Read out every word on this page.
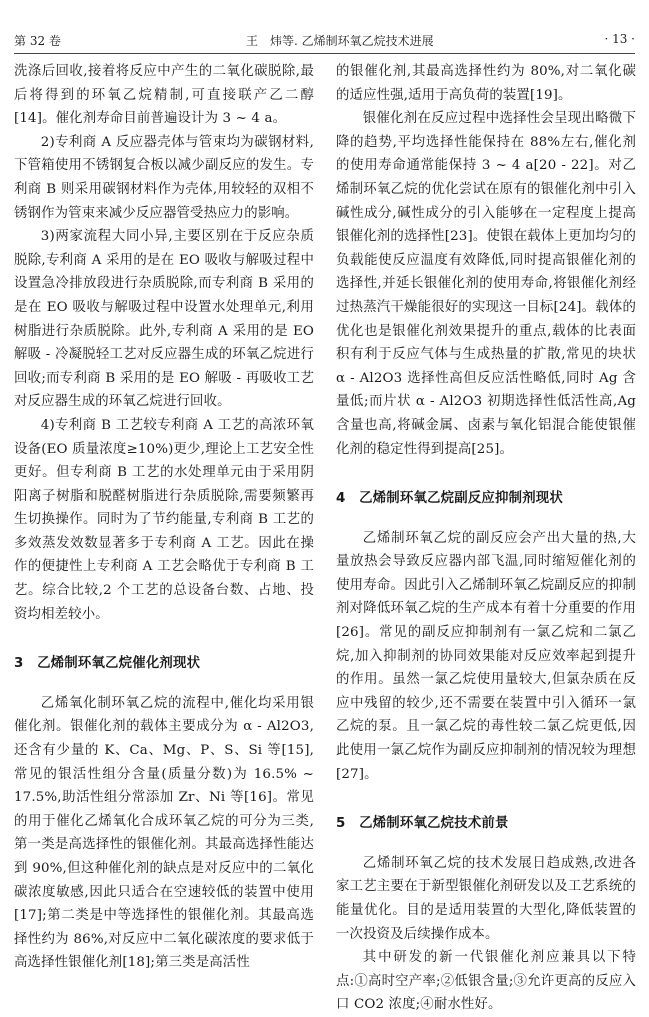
第 32 卷	王　炜等. 乙烯制环氧乙烷技术进展	· 13 ·

洗涤后回收,接着将反应中产生的二氧化碳脱除,最后将得到的环氧乙烷精制,可直接联产乙二醇[14]。催化剂寿命目前普遍设计为 3 ~ 4 a。

2)专利商 A 反应器壳体与管束均为碳钢材料,下管箱使用不锈钢复合板以减少副反应的发生。专利商 B 则采用碳钢材料作为壳体,用较轻的双相不锈钢作为管束来减少反应器管受热应力的影响。

3)两家流程大同小异,主要区别在于反应杂质脱除,专利商 A 采用的是在 EO 吸收与解吸过程中设置急冷排放段进行杂质脱除,而专利商 B 采用的是在 EO 吸收与解吸过程中设置水处理单元,利用树脂进行杂质脱除。此外,专利商 A 采用的是 EO 解吸 - 冷凝脱轻工艺对反应器生成的环氧乙烷进行回收;而专利商 B 采用的是 EO 解吸 - 再吸收工艺对反应器生成的环氧乙烷进行回收。

4)专利商 B 工艺较专利商 A 工艺的高浓环氧设备(EO 质量浓度≥10%)更少,理论上工艺安全性更好。但专利商 B 工艺的水处理单元由于采用阴阳离子树脂和脱醛树脂进行杂质脱除,需要频繁再生切换操作。同时为了节约能量,专利商 B 工艺的多效蒸发效数显著多于专利商 A 工艺。因此在操作的便捷性上专利商 A 工艺会略优于专利商 B 工艺。综合比较,2 个工艺的总设备台数、占地、投资均相差较小。

3　乙烯制环氧乙烷催化剂现状

乙烯氧化制环氧乙烷的流程中,催化均采用银催化剂。银催化剂的载体主要成分为 α - Al2O3,还含有少量的 K、Ca、Mg、P、S、Si 等[15],常见的银活性组分含量(质量分数)为 16.5% ~ 17.5%,助活性组分常添加 Zr、Ni 等[16]。常见的用于催化乙烯氧化合成环氧乙烷的可分为三类,第一类是高选择性的银催化剂。其最高选择性能达到 90%,但这种催化剂的缺点是对反应中的二氧化碳浓度敏感,因此只适合在空速较低的装置中使用[17];第二类是中等选择性的银催化剂。其最高选择性约为 86%,对反应中二氧化碳浓度的要求低于高选择性银催化剂[18];第三类是高活性

的银催化剂,其最高选择性约为 80%,对二氧化碳的适应性强,适用于高负荷的装置[19]。

银催化剂在反应过程中选择性会呈现出略微下降的趋势,平均选择性能保持在 88%左右,催化剂的使用寿命通常能保持 3 ~ 4 a[20 - 22]。对乙烯制环氧乙烷的优化尝试在原有的银催化剂中引入碱性成分,碱性成分的引入能够在一定程度上提高银催化剂的选择性[23]。使银在载体上更加均匀的负载能使反应温度有效降低,同时提高银催化剂的选择性,并延长银催化剂的使用寿命,将银催化剂经过热蒸汽干燥能很好的实现这一目标[24]。载体的优化也是银催化剂效果提升的重点,载体的比表面积有利于反应气体与生成热量的扩散,常见的块状 α - Al2O3 选择性高但反应活性略低,同时 Ag 含量低;而片状 α - Al2O3 初期选择性低活性高,Ag 含量也高,将碱金属、卤素与氧化铝混合能使银催化剂的稳定性得到提高[25]。

4　乙烯制环氧乙烷副反应抑制剂现状

乙烯制环氧乙烷的副反应会产出大量的热,大量放热会导致反应器内部飞温,同时缩短催化剂的使用寿命。因此引入乙烯制环氧乙烷副反应的抑制剂对降低环氧乙烷的生产成本有着十分重要的作用[26]。常见的副反应抑制剂有一氯乙烷和二氯乙烷,加入抑制剂的协同效果能对反应效率起到提升的作用。虽然一氯乙烷使用量较大,但氯杂质在反应中残留的较少,还不需要在装置中引入循环一氯乙烷的泵。且一氯乙烷的毒性较二氯乙烷更低,因此使用一氯乙烷作为副反应抑制剂的情况较为理想[27]。

5　乙烯制环氧乙烷技术前景

乙烯制环氧乙烷的技术发展日趋成熟,改进各家工艺主要在于新型银催化剂研发以及工艺系统的能量优化。目的是适用装置的大型化,降低装置的一次投资及后续操作成本。

其中研发的新一代银催化剂应兼具以下特点:①高时空产率;②低银含量;③允许更高的反应入口 CO2 浓度;④耐水性好。
